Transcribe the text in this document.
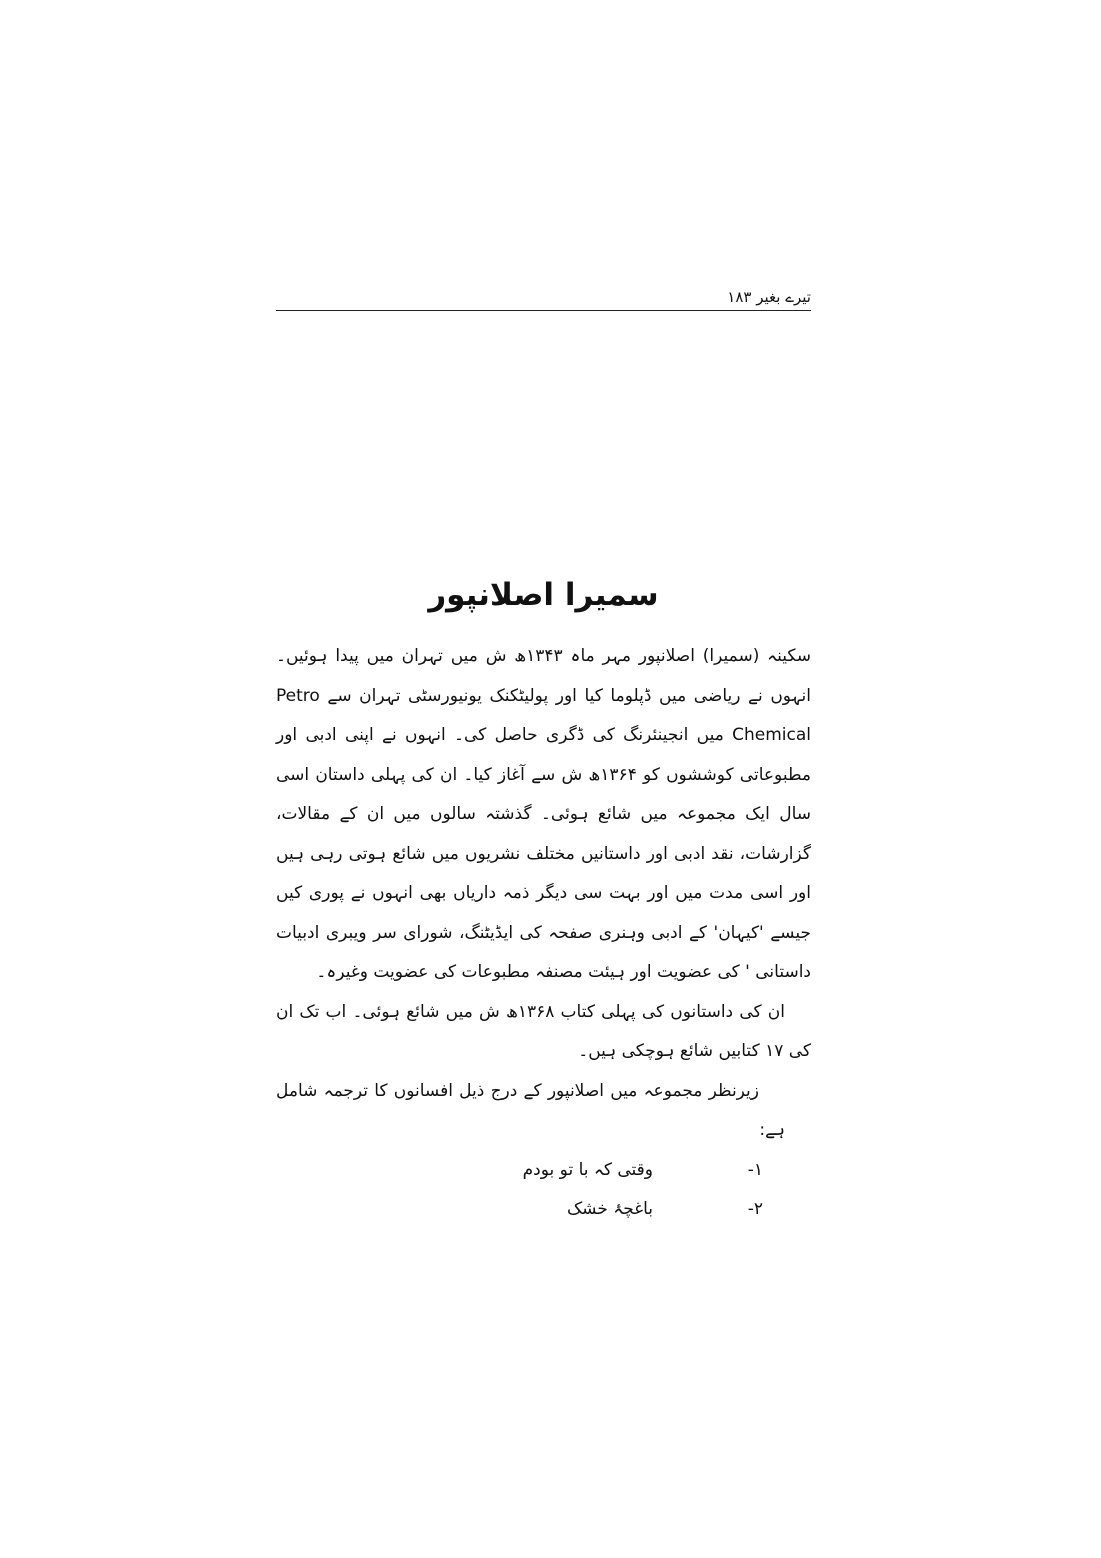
تیرے بغیر ۱۸۳
سمیرا اصلانپور

سکینہ (سمیرا) اصلانپور مہر ماہ ۱۳۴۳ھ ش میں تہران میں پیدا ہوئیں۔ انہوں نے ریاضی میں ڈپلوما کیا اور پولیٹکنک یونیورسٹی تہران سے Petro Chemical میں انجینئرنگ کی ڈگری حاصل کی۔ انہوں نے اپنی ادبی اور مطبوعاتی کوششوں کو ۱۳۶۴ھ ش سے آغاز کیا۔ ان کی پہلی داستان اسی سال ایک مجموعہ میں شائع ہوئی۔ گذشتہ سالوں میں ان کے مقالات، گزارشات، نقد ادبی اور داستانیں مختلف نشریوں میں شائع ہوتی رہی ہیں اور اسی مدت میں اور بہت سی دیگر ذمہ داریاں بھی انہوں نے پوری کیں جیسے 'کیہان' کے ادبی وہنری صفحہ کی ایڈیٹنگ، شورای سر ویبری ادبیات داستانی ' کی عضویت اور ہیئت مصنفہ مطبوعات کی عضویت وغیرہ۔

ان کی داستانوں کی پہلی کتاب ۱۳۶۸ھ ش میں شائع ہوئی۔ اب تک ان کی ۱۷ کتابیں شائع ہوچکی ہیں۔

زیرنظر مجموعہ میں اصلانپور کے درج ذیل افسانوں کا ترجمہ شامل ہے:

۱-
وقتی کہ با تو بودم
۲-
باغچۂ خشک
